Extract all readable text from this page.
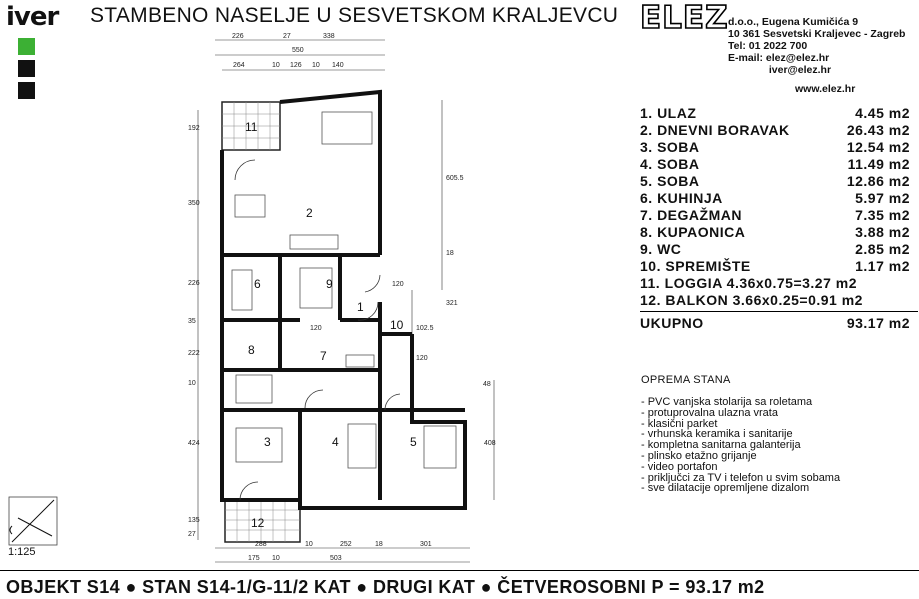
iver STAMBENO NASELJE U SESVETSKOM KRALJEVCU ELEZ d.o.o., Eugena Kumičića 9
10 361 Sesvetski Kraljevec - Zagreb
Tel: 01 2022 700
E-mail: elez@elez.hr
iver@elez.hr
www.elez.hr
1. ULAZ	4.45 m2
2. DNEVNI BORAVAK	26.43 m2
3. SOBA	12.54 m2
4. SOBA	11.49 m2
5. SOBA	12.86 m2
6. KUHINJA	5.97 m2
7. DEGAŽMAN	7.35 m2
8. KUPAONICA	3.88 m2
9. WC	2.85 m2
10. SPREMIŠTE	1.17 m2
11. LOGGIA 4.36x0.75=3.27 m2
12. BALKON 3.66x0.25=0.91 m2
UKUPNO	93.17 m2
OPREMA STANA
- PVC vanjska stolarija sa roletama
- protuprovalna ulazna vrata
- klasični parket
- vrhunska keramika i sanitarije
- kompletna sanitarna galanterija
- plinsko etažno grijanje
- video portafon
- priključci za TV i telefon u svim sobama
- sve dilatacije opremljene dizalom
226	27	338
550
264	10 126 10 140
192
350
226
35
222
10
424
135
27
605.5
18
321
120
102.5
120
48
408
120
288	10	252	18	301
175 10	503
1
2
3	4	5
6
7
8
9
10
11
12
1:125
OBJEKT S14 ● STAN S14-1/G-11/2 KAT ● DRUGI KAT ● ČETVEROSOBNI P = 93.17 m2
